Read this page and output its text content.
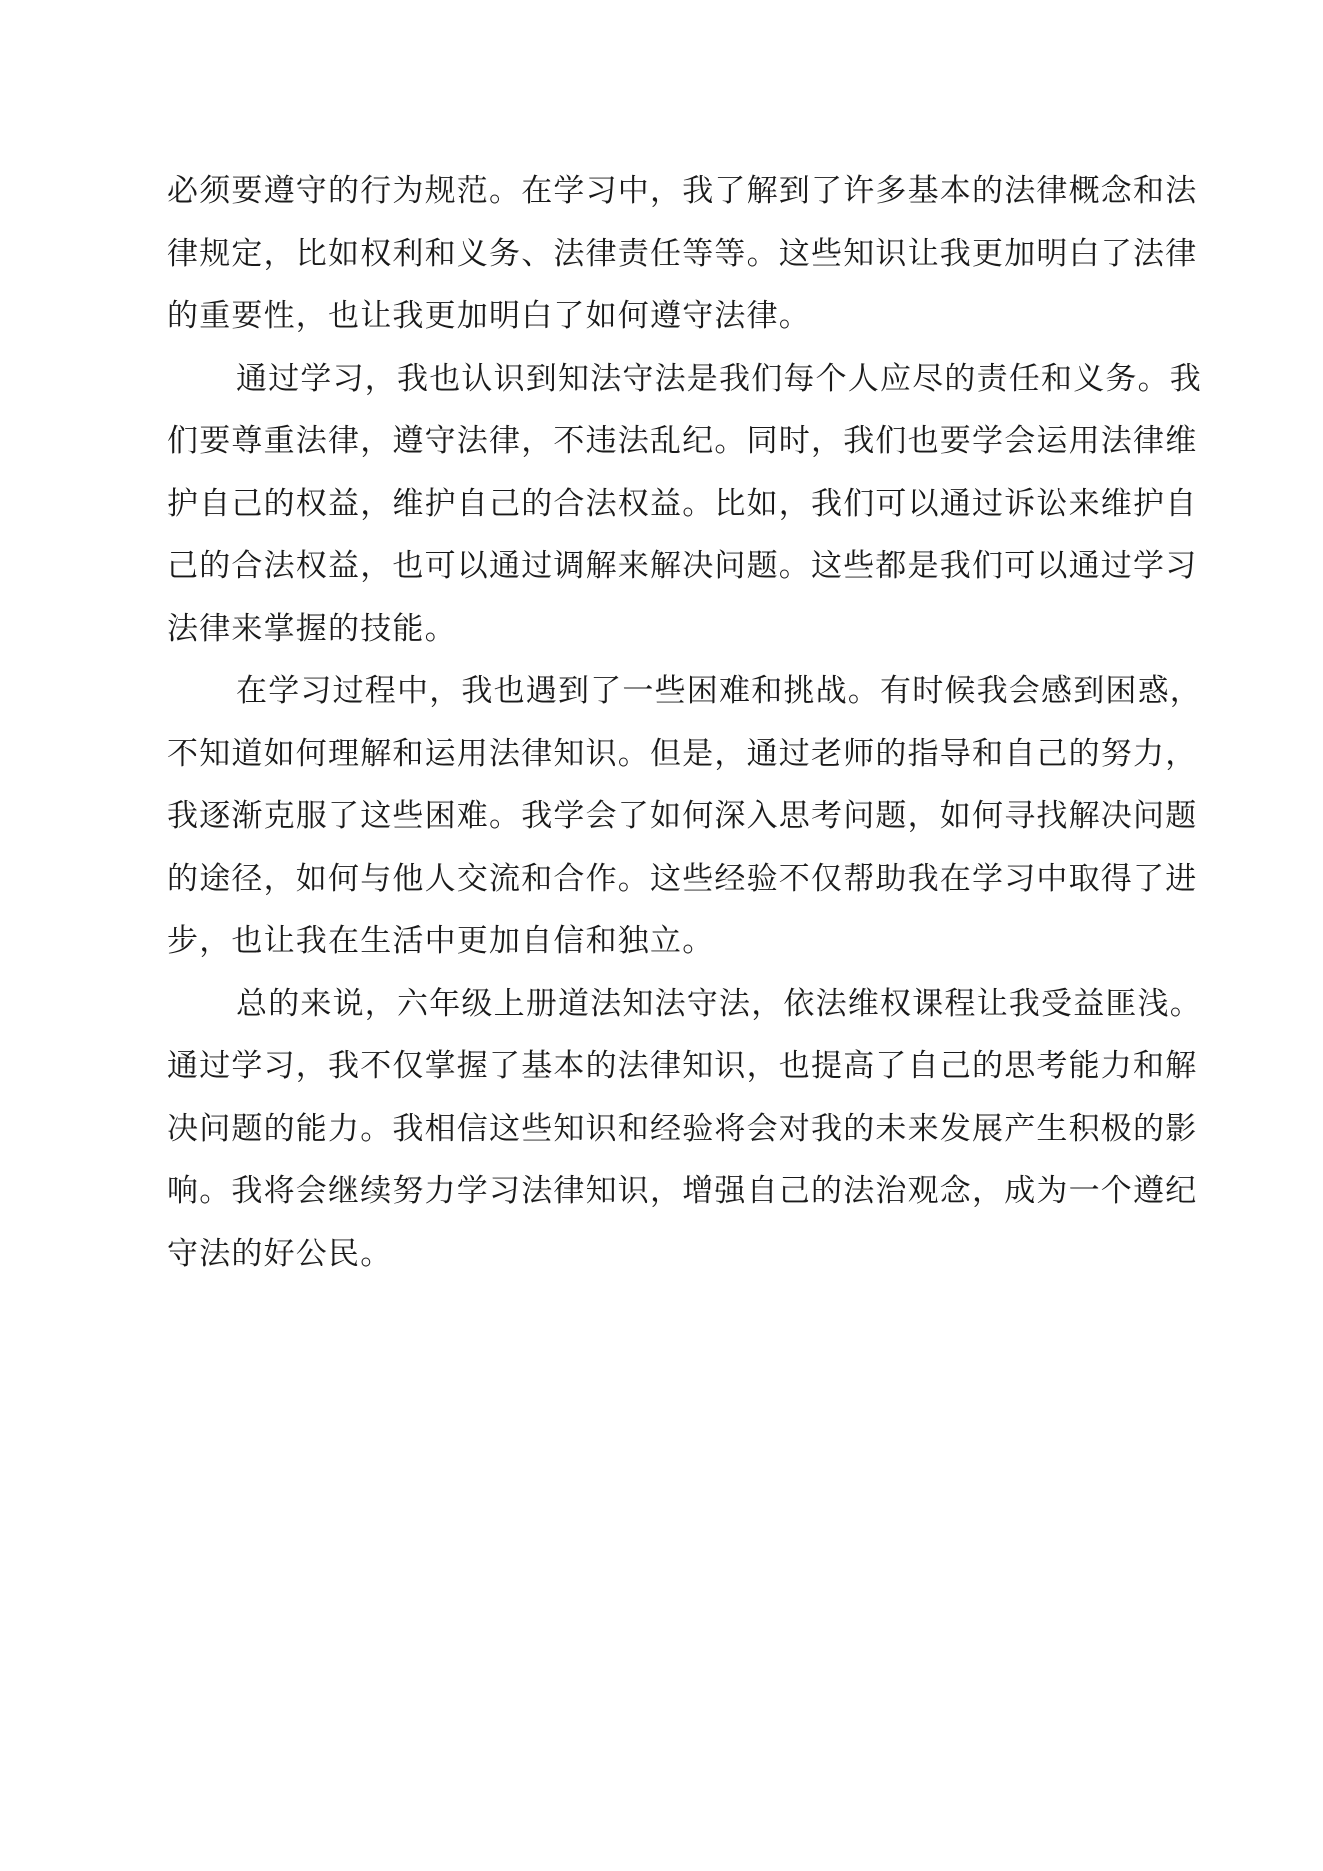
必须要遵守的行为规范。在学习中，我了解到了许多基本的法律概念和法
律规定，比如权利和义务、法律责任等等。这些知识让我更加明白了法律
的重要性，也让我更加明白了如何遵守法律。
通过学习，我也认识到知法守法是我们每个人应尽的责任和义务。我
们要尊重法律，遵守法律，不违法乱纪。同时，我们也要学会运用法律维
护自己的权益，维护自己的合法权益。比如，我们可以通过诉讼来维护自
己的合法权益，也可以通过调解来解决问题。这些都是我们可以通过学习
法律来掌握的技能。
在学习过程中，我也遇到了一些困难和挑战。有时候我会感到困惑，
不知道如何理解和运用法律知识。但是，通过老师的指导和自己的努力，
我逐渐克服了这些困难。我学会了如何深入思考问题，如何寻找解决问题
的途径，如何与他人交流和合作。这些经验不仅帮助我在学习中取得了进
步，也让我在生活中更加自信和独立。
总的来说，六年级上册道法知法守法，依法维权课程让我受益匪浅。
通过学习，我不仅掌握了基本的法律知识，也提高了自己的思考能力和解
决问题的能力。我相信这些知识和经验将会对我的未来发展产生积极的影
响。我将会继续努力学习法律知识，增强自己的法治观念，成为一个遵纪
守法的好公民。
